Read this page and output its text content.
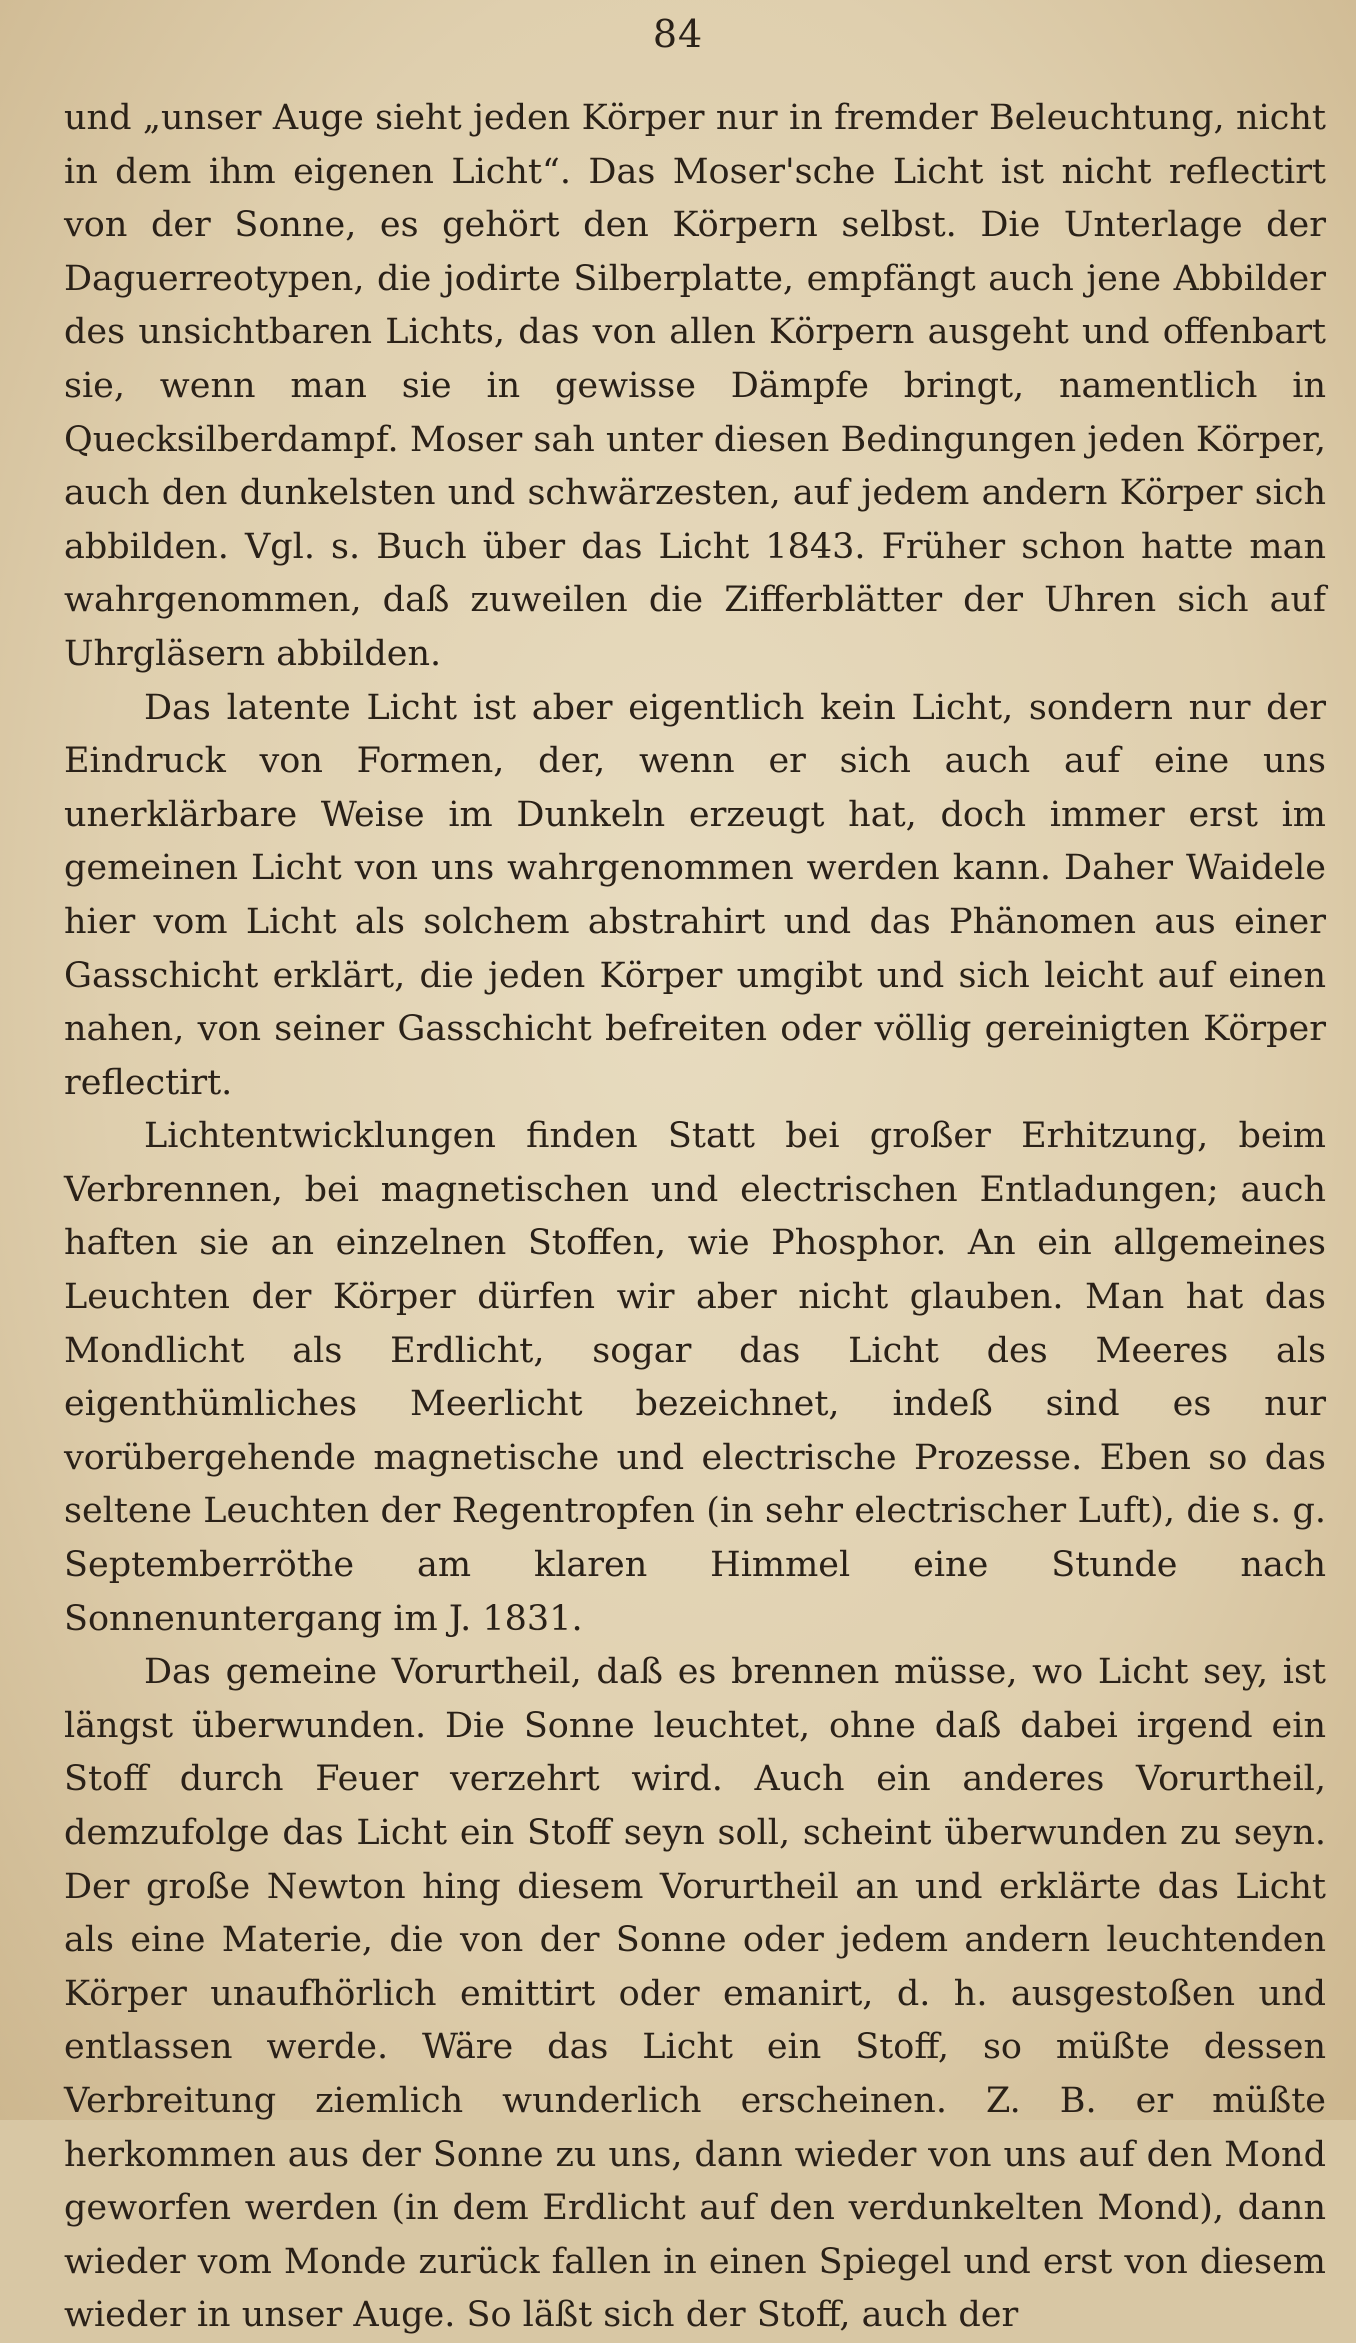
84

und „unser Auge sieht jeden Körper nur in fremder Beleuchtung, nicht in dem ihm eigenen Licht“. Das Moser'sche Licht ist nicht reflectirt von der Sonne, es gehört den Körpern selbst. Die Unterlage der Daguerreotypen, die jodirte Silberplatte, empfängt auch jene Abbilder des unsichtbaren Lichts, das von allen Körpern ausgeht und offenbart sie, wenn man sie in gewisse Dämpfe bringt, namentlich in Quecksilberdampf. Moser sah unter diesen Bedingungen jeden Körper, auch den dunkelsten und schwärzesten, auf jedem andern Körper sich abbilden. Vgl. s. Buch über das Licht 1843. Früher schon hatte man wahrgenommen, daß zuweilen die Zifferblätter der Uhren sich auf Uhrgläsern abbilden.

Das latente Licht ist aber eigentlich kein Licht, sondern nur der Eindruck von Formen, der, wenn er sich auch auf eine uns unerklärbare Weise im Dunkeln erzeugt hat, doch immer erst im gemeinen Licht von uns wahrgenommen werden kann. Daher Waidele hier vom Licht als solchem abstrahirt und das Phänomen aus einer Gasschicht erklärt, die jeden Körper umgibt und sich leicht auf einen nahen, von seiner Gasschicht befreiten oder völlig gereinigten Körper reflectirt.

Lichtentwicklungen finden Statt bei großer Erhitzung, beim Verbrennen, bei magnetischen und electrischen Entladungen; auch haften sie an einzelnen Stoffen, wie Phosphor. An ein allgemeines Leuchten der Körper dürfen wir aber nicht glauben. Man hat das Mondlicht als Erdlicht, sogar das Licht des Meeres als eigenthümliches Meerlicht bezeichnet, indeß sind es nur vorübergehende magnetische und electrische Prozesse. Eben so das seltene Leuchten der Regentropfen (in sehr electrischer Luft), die s. g. Septemberröthe am klaren Himmel eine Stunde nach Sonnenuntergang im J. 1831.

Das gemeine Vorurtheil, daß es brennen müsse, wo Licht sey, ist längst überwunden. Die Sonne leuchtet, ohne daß dabei irgend ein Stoff durch Feuer verzehrt wird. Auch ein anderes Vorurtheil, demzufolge das Licht ein Stoff seyn soll, scheint überwunden zu seyn. Der große Newton hing diesem Vorurtheil an und erklärte das Licht als eine Materie, die von der Sonne oder jedem andern leuchtenden Körper unaufhörlich emittirt oder emanirt, d. h. ausgestoßen und entlassen werde. Wäre das Licht ein Stoff, so müßte dessen Verbreitung ziemlich wunderlich erscheinen. Z. B. er müßte herkommen aus der Sonne zu uns, dann wieder von uns auf den Mond geworfen werden (in dem Erdlicht auf den verdunkelten Mond), dann wieder vom Monde zurück fallen in einen Spiegel und erst von diesem wieder in unser Auge. So läßt sich der Stoff, auch der
